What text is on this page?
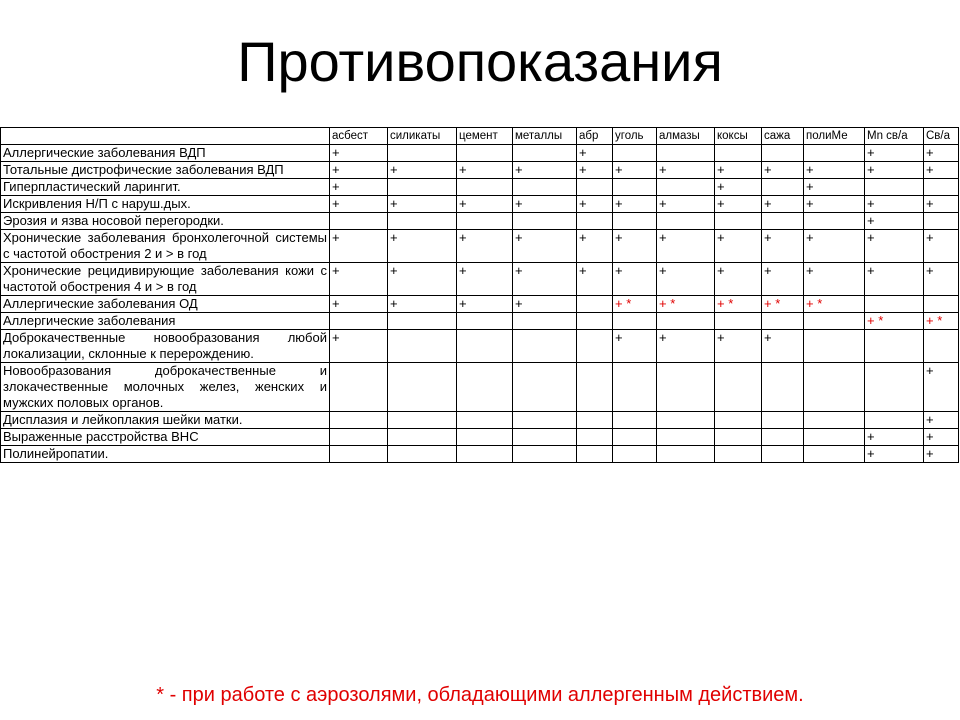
Противопоказания
	асбест	силикаты	цемент	металлы	абр	уголь	алмазы	коксы	сажа	полиМе	Mn св/а	Св/а
Аллергические заболевания ВДП	+				+						+	+
Тотальные дистрофические заболевания ВДП	+	+	+	+	+	+	+	+	+	+	+	+
Гиперпластический ларингит.	+							+		+		
Искривления Н/П с наруш.дых.	+	+	+	+	+	+	+	+	+	+	+	+
Эрозия и язва носовой перегородки.											+	
Хронические заболевания бронхолегочной системы с частотой обострения 2 и > в год	+	+	+	+	+	+	+	+	+	+	+	+
Хронические рецидивирующие заболевания кожи с частотой обострения 4 и > в год	+	+	+	+	+	+	+	+	+	+	+	+
Аллергические заболевания ОД	+	+	+	+		+ *	+ *	+ *	+ *	+ *		
Аллергические заболевания											+ *	+ *
Доброкачественные новообразования любой локализации, склонные к перерождению.	+					+	+	+	+			
Новообразования доброкачественные и злокачественные молочных желез, женских и мужских половых органов.												+
Дисплазия и лейкоплакия шейки матки.												+
Выраженные расстройства ВНС											+	+
Полинейропатии.											+	+
* - при работе с аэрозолями, обладающими аллергенным действием.
